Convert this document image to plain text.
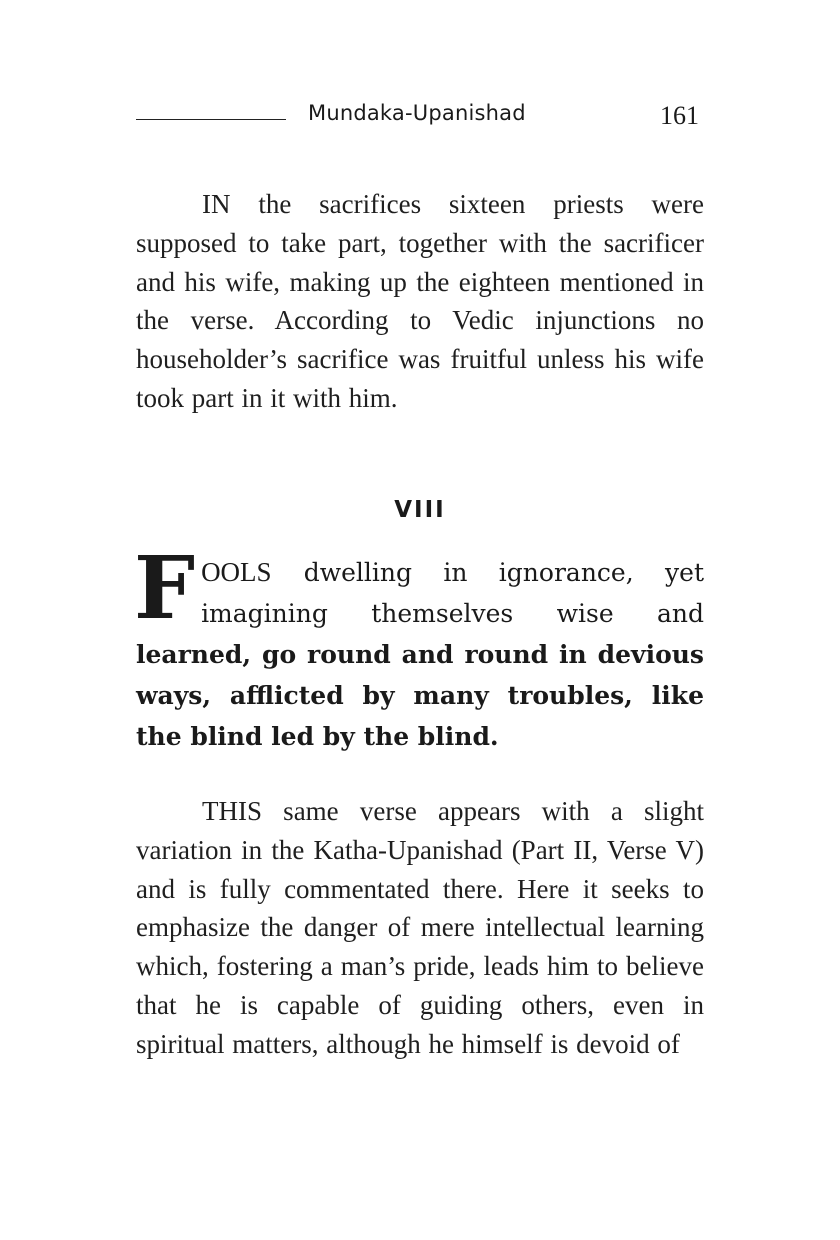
Mundaka-Upanishad	161

IN the sacrifices sixteen priests were supposed to take part, together with the sacrificer and his wife, making up the eighteen mentioned in the verse. According to Vedic injunctions no householder’s sacrifice was fruitful unless his wife took part in it with him.

VIII

FOOLS dwelling in ignorance, yet imagining themselves wise and learned, go round and round in devious ways, afflicted by many troubles, like the blind led by the blind.

THIS same verse appears with a slight variation in the Katha-Upanishad (Part II, Verse V) and is fully commentated there. Here it seeks to emphasize the danger of mere intellectual learning which, fostering a man’s pride, leads him to believe that he is capable of guiding others, even in spiritual matters, although he himself is devoid of
